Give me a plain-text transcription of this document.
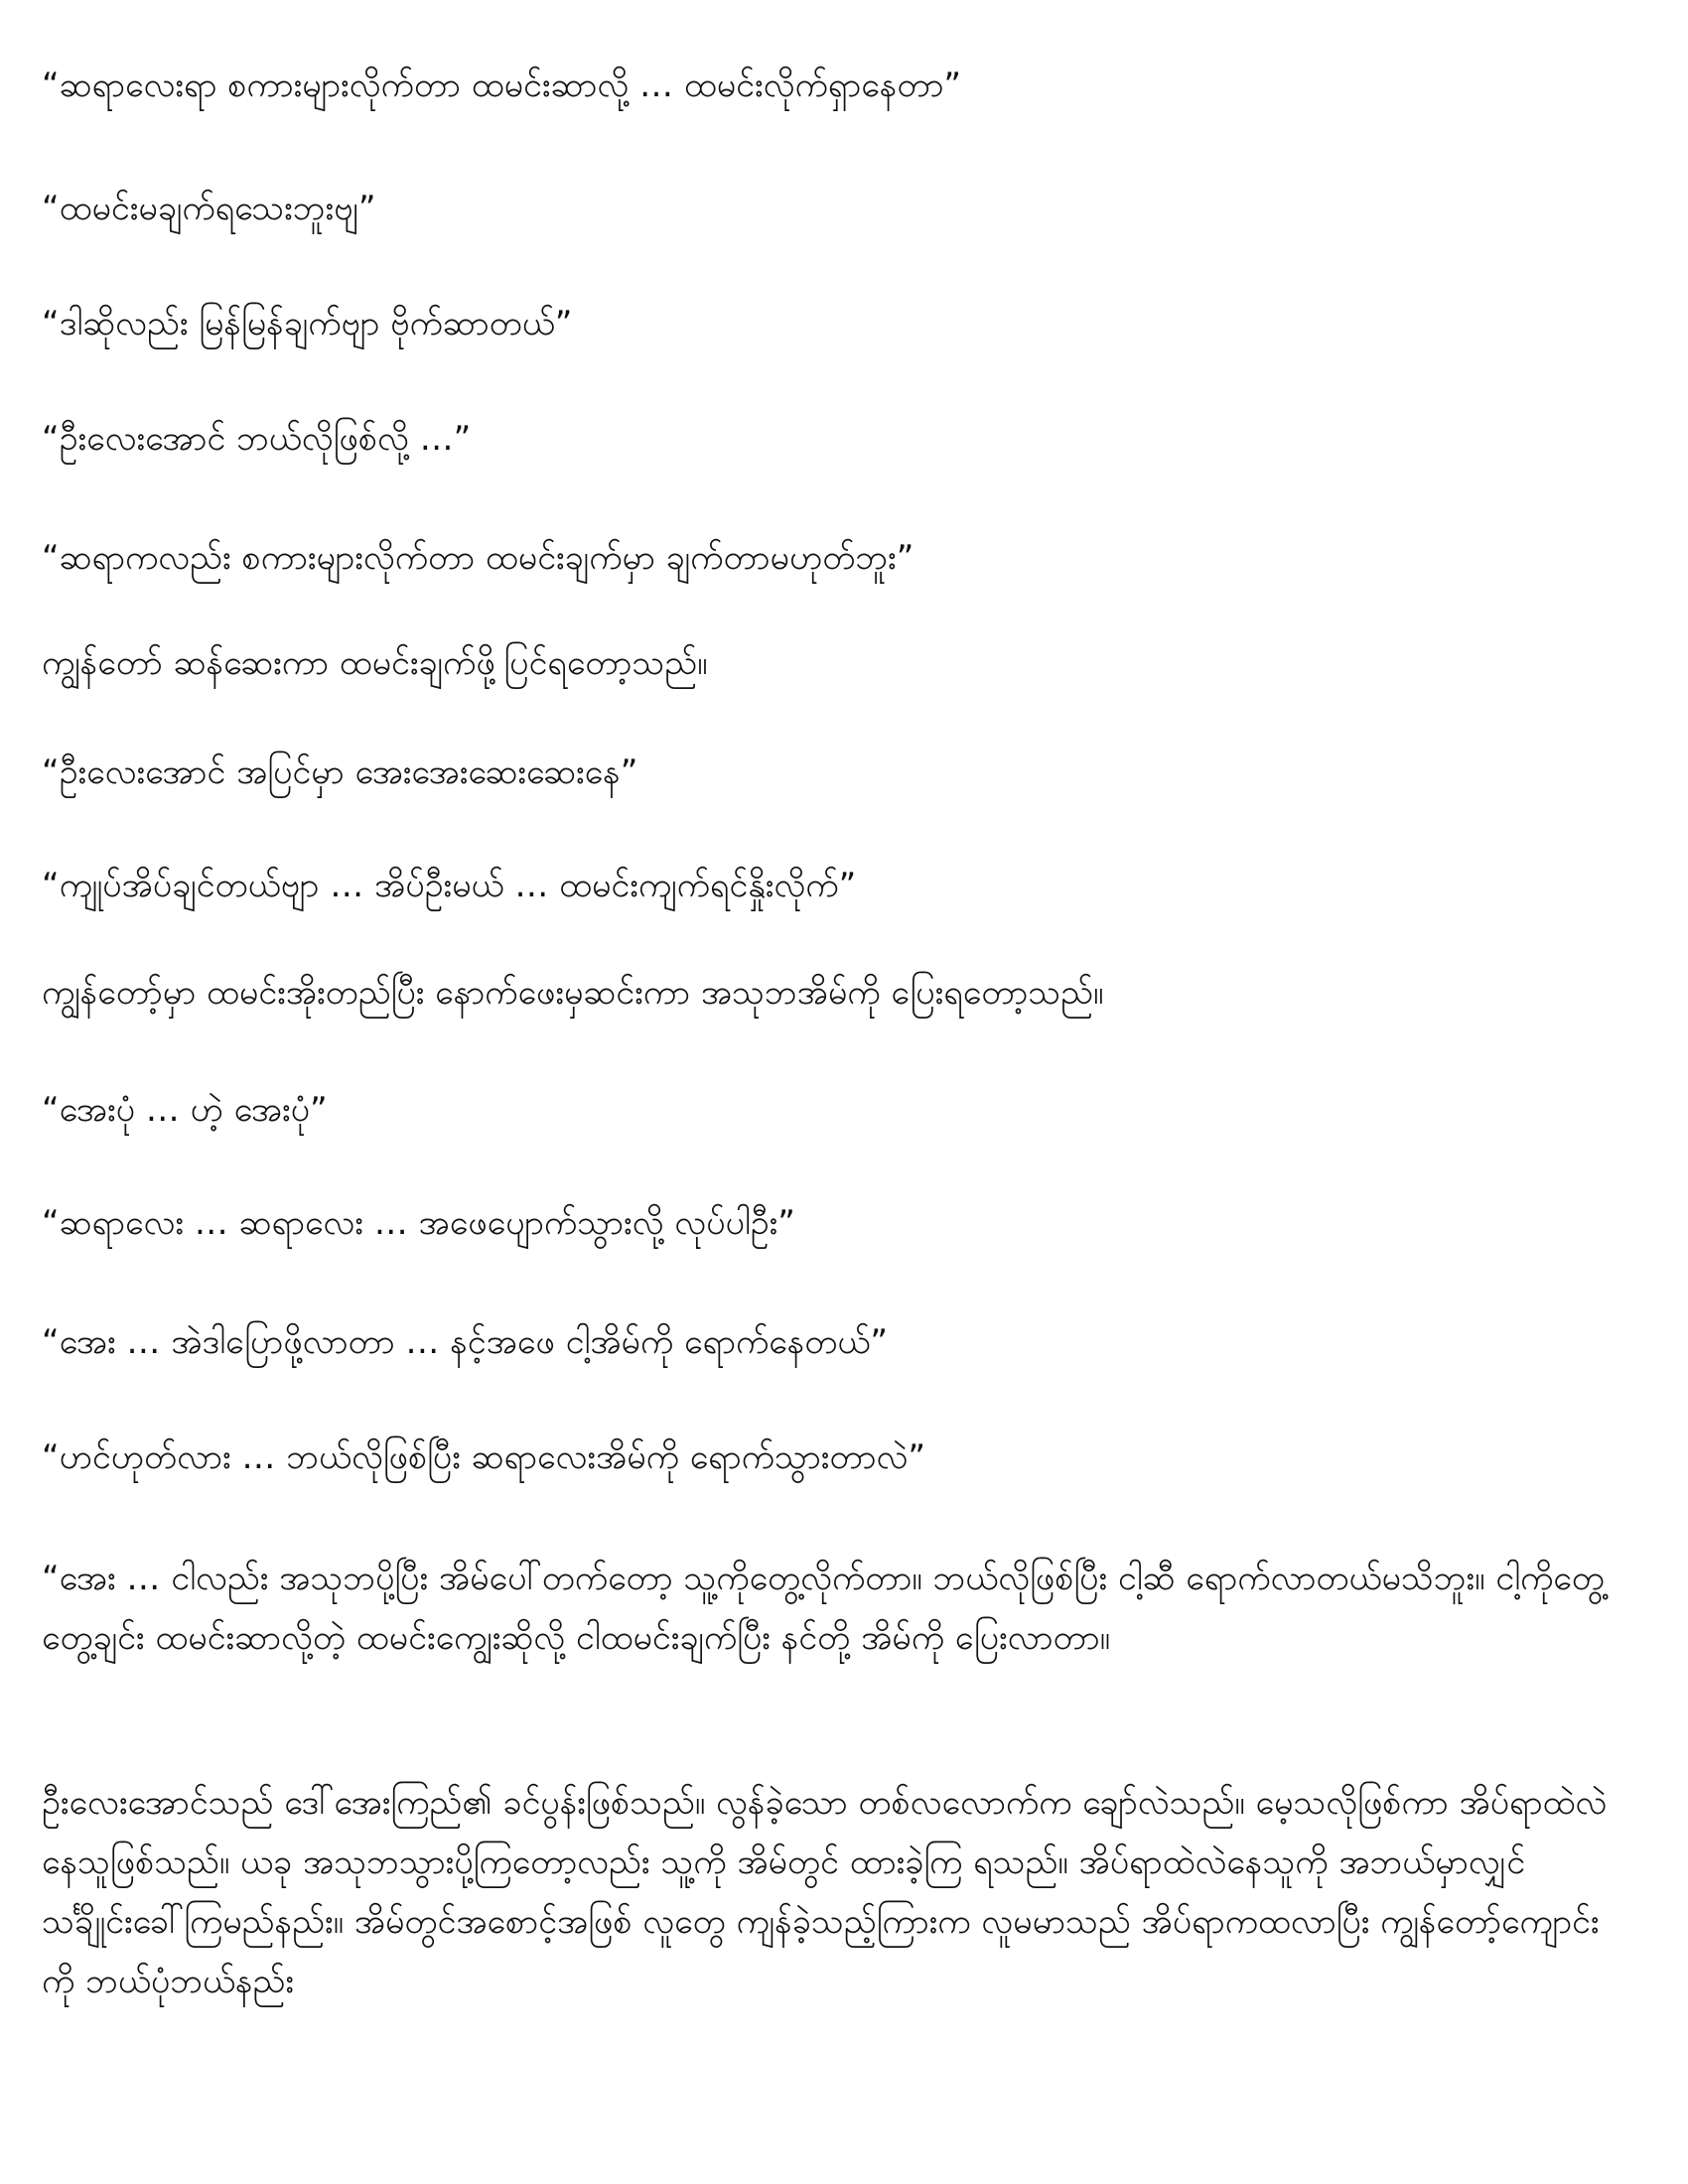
“ဆရာလေးရာ စကားများလိုက်တာ ထမင်းဆာလို့ … ထမင်းလိုက်ရှာနေတာ”

“ထမင်းမချက်ရသေးဘူးဗျ”

“ဒါဆိုလည်း မြန်မြန်ချက်ဗျာ ဗိုက်ဆာတယ်”

“ဦးလေးအောင် ဘယ်လိုဖြစ်လို့ …”

“ဆရာကလည်း စကားများလိုက်တာ ထမင်းချက်မှာ ချက်တာမဟုတ်ဘူး”

ကျွန်တော် ဆန်ဆေးကာ ထမင်းချက်ဖို့ပြင်ရတော့သည်။

“ဦးလေးအောင် အပြင်မှာ အေးအေးဆေးဆေးနေ”

“ကျုပ်အိပ်ချင်တယ်ဗျာ … အိပ်ဦးမယ် … ထမင်းကျက်ရင်နှိုးလိုက်”

ကျွန်တော့်မှာ ထမင်းအိုးတည်ပြီး နောက်ဖေးမှဆင်းကာ အသုဘအိမ်ကို ပြေးရတော့သည်။

“အေးပုံ … ဟဲ့ အေးပုံ”

“ဆရာလေး … ဆရာလေး … အဖေပျောက်သွားလို့ လုပ်ပါဦး”

“အေး … အဲဒါပြောဖို့လာတာ … နင့်အဖေ ငါ့အိမ်ကို ရောက်နေတယ်”

“ဟင်ဟုတ်လား … ဘယ်လိုဖြစ်ပြီး ဆရာလေးအိမ်ကို ရောက်သွားတာလဲ”

“အေး … ငါလည်း အသုဘပို့ပြီး အိမ်ပေါ်တက်တော့ သူ့ကိုတွေ့လိုက်တာ။ ဘယ်လိုဖြစ်ပြီး ငါ့ဆီ ရောက်လာတယ်မသိဘူး။ ငါ့ကိုတွေ့တွေ့ချင်း ထမင်းဆာလို့တဲ့ ထမင်းကျွေးဆိုလို့ ငါထမင်းချက်ပြီး နင်တို့ အိမ်ကို ပြေးလာတာ။

ဦးလေးအောင်သည် ဒေါ်အေးကြည်၏ ခင်ပွန်းဖြစ်သည်။ လွန်ခဲ့သော တစ်လလောက်က ချော်လဲသည်။ မေ့သလိုဖြစ်ကာ အိပ်ရာထဲလဲနေသူဖြစ်သည်။ ယခု အသုဘသွားပို့ကြတော့လည်း သူ့ကို အိမ်တွင် ထားခဲ့ကြ ရသည်။ အိပ်ရာထဲလဲနေသူကို အဘယ်မှာလျှင် သင်္ချိုင်းခေါ်ကြမည်နည်း။ အိမ်တွင်အစောင့်အဖြစ် လူတွေ ကျန်ခဲ့သည့်ကြားက လူမမာသည် အိပ်ရာကထလာပြီး ကျွန်တော့်ကျောင်းကို ဘယ်ပုံဘယ်နည်း
